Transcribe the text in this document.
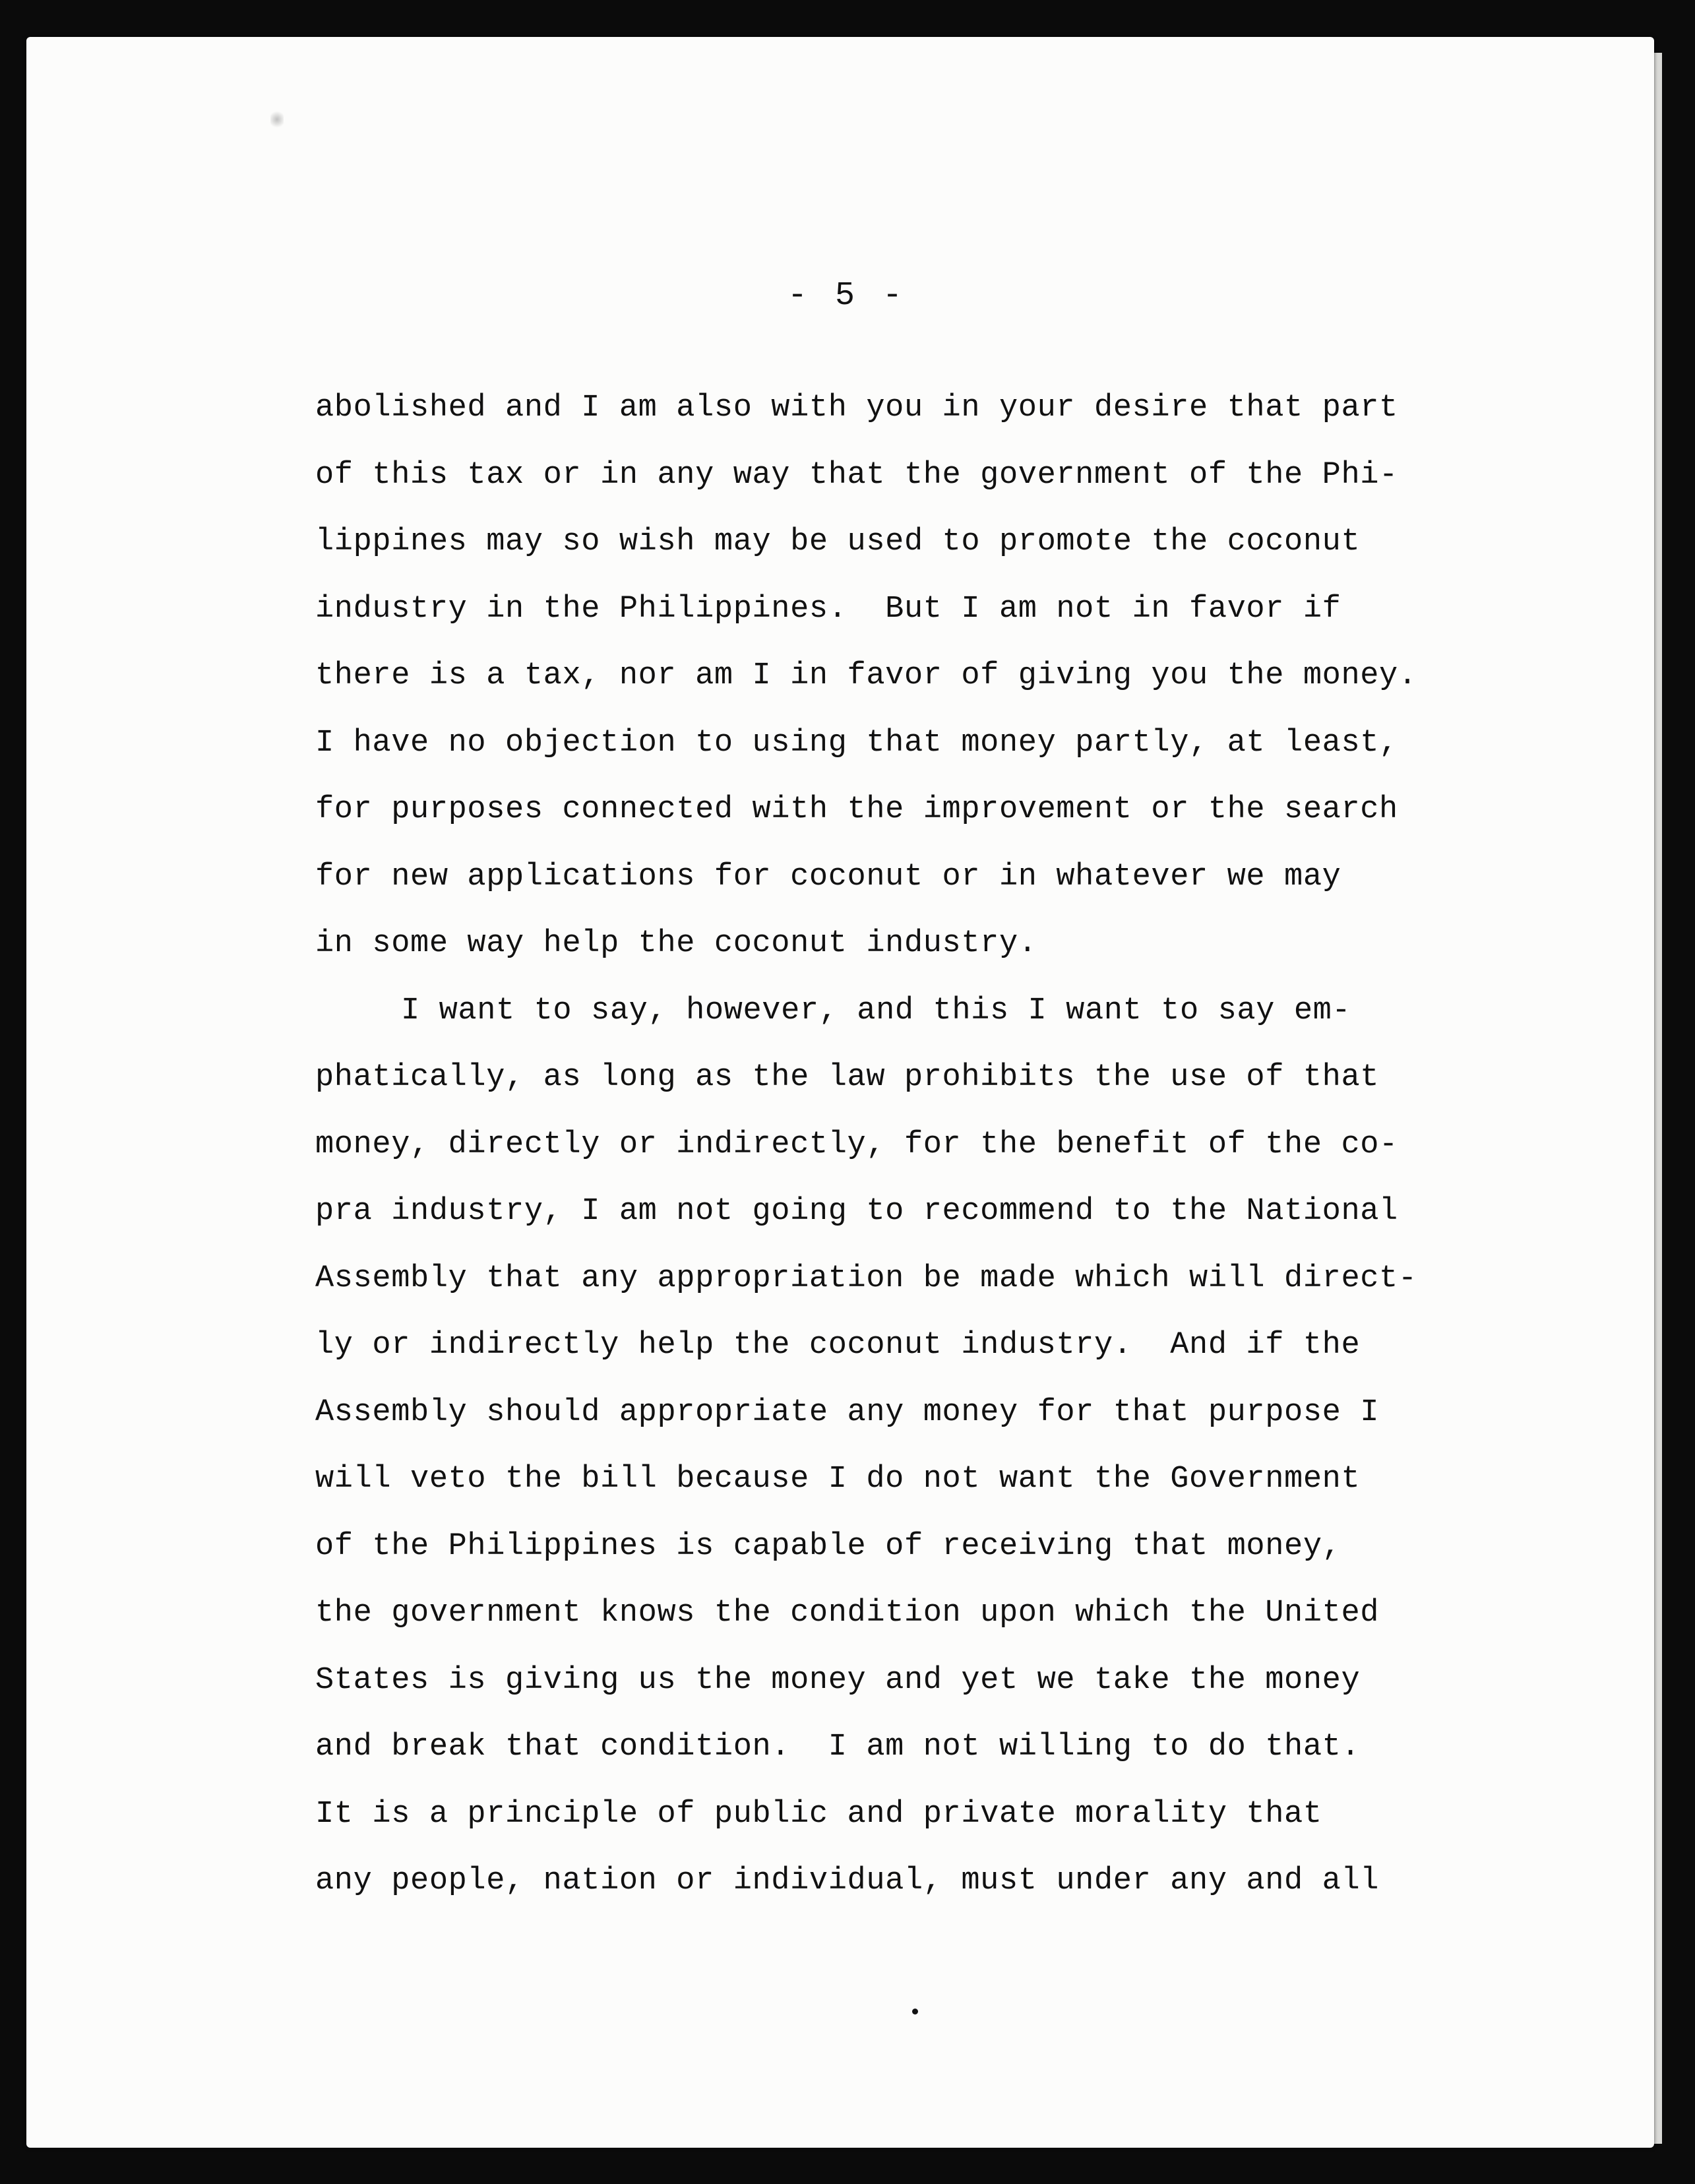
- 5 -
abolished and I am also with you in your desire that part
of this tax or in any way that the government of the Phi-
lippines may so wish may be used to promote the coconut
industry in the Philippines.  But I am not in favor if
there is a tax, nor am I in favor of giving you the money.
I have no objection to using that money partly, at least,
for purposes connected with the improvement or the search
for new applications for coconut or in whatever we may
in some way help the coconut industry.
I want to say, however, and this I want to say em-
phatically, as long as the law prohibits the use of that
money, directly or indirectly, for the benefit of the co-
pra industry, I am not going to recommend to the National
Assembly that any appropriation be made which will direct-
ly or indirectly help the coconut industry.  And if the
Assembly should appropriate any money for that purpose I
will veto the bill because I do not want the Government
of the Philippines is capable of receiving that money,
the government knows the condition upon which the United
States is giving us the money and yet we take the money
and break that condition.  I am not willing to do that.
It is a principle of public and private morality that
any people, nation or individual, must under any and all
